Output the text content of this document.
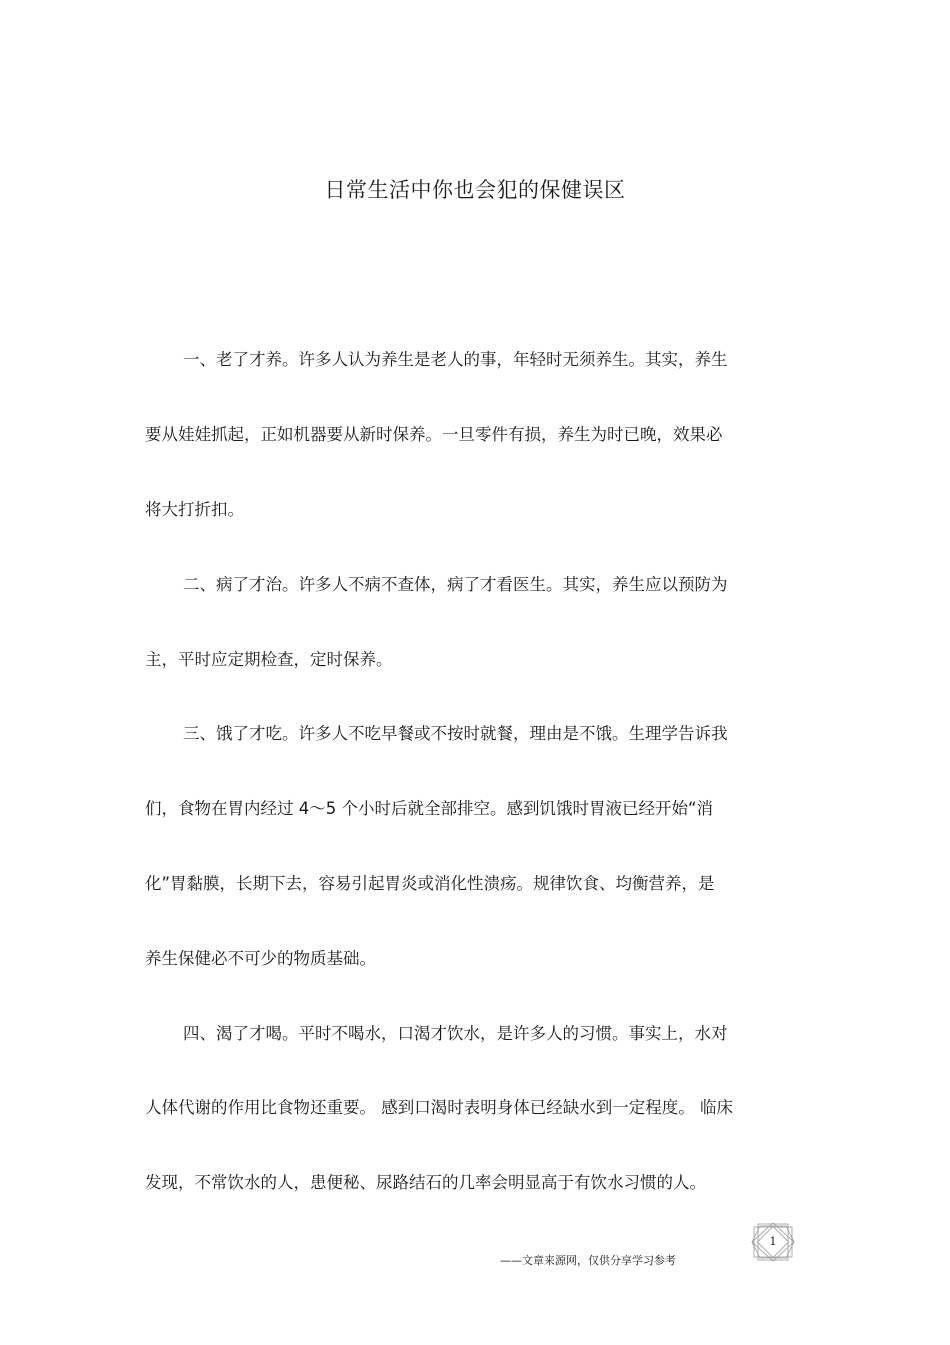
日常生活中你也会犯的保健误区
一、老了才养。许多人认为养生是老人的事，年轻时无须养生。其实，养生
要从娃娃抓起，正如机器要从新时保养。一旦零件有损，养生为时已晚，效果必
将大打折扣。
二、病了才治。许多人不病不查体，病了才看医生。其实，养生应以预防为
主，平时应定期检查，定时保养。
三、饿了才吃。许多人不吃早餐或不按时就餐，理由是不饿。生理学告诉我
们，食物在胃内经过 4～5 个小时后就全部排空。感到饥饿时胃液已经开始“消
化”胃黏膜，长期下去，容易引起胃炎或消化性溃疡。规律饮食、均衡营养，是
养生保健必不可少的物质基础。
四、渴了才喝。平时不喝水，口渴才饮水，是许多人的习惯。事实上，水对
人体代谢的作用比食物还重要。 感到口渴时表明身体已经缺水到一定程度。 临床
发现，不常饮水的人，患便秘、尿路结石的几率会明显高于有饮水习惯的人。
——文章来源网，仅供分享学习参考
1
